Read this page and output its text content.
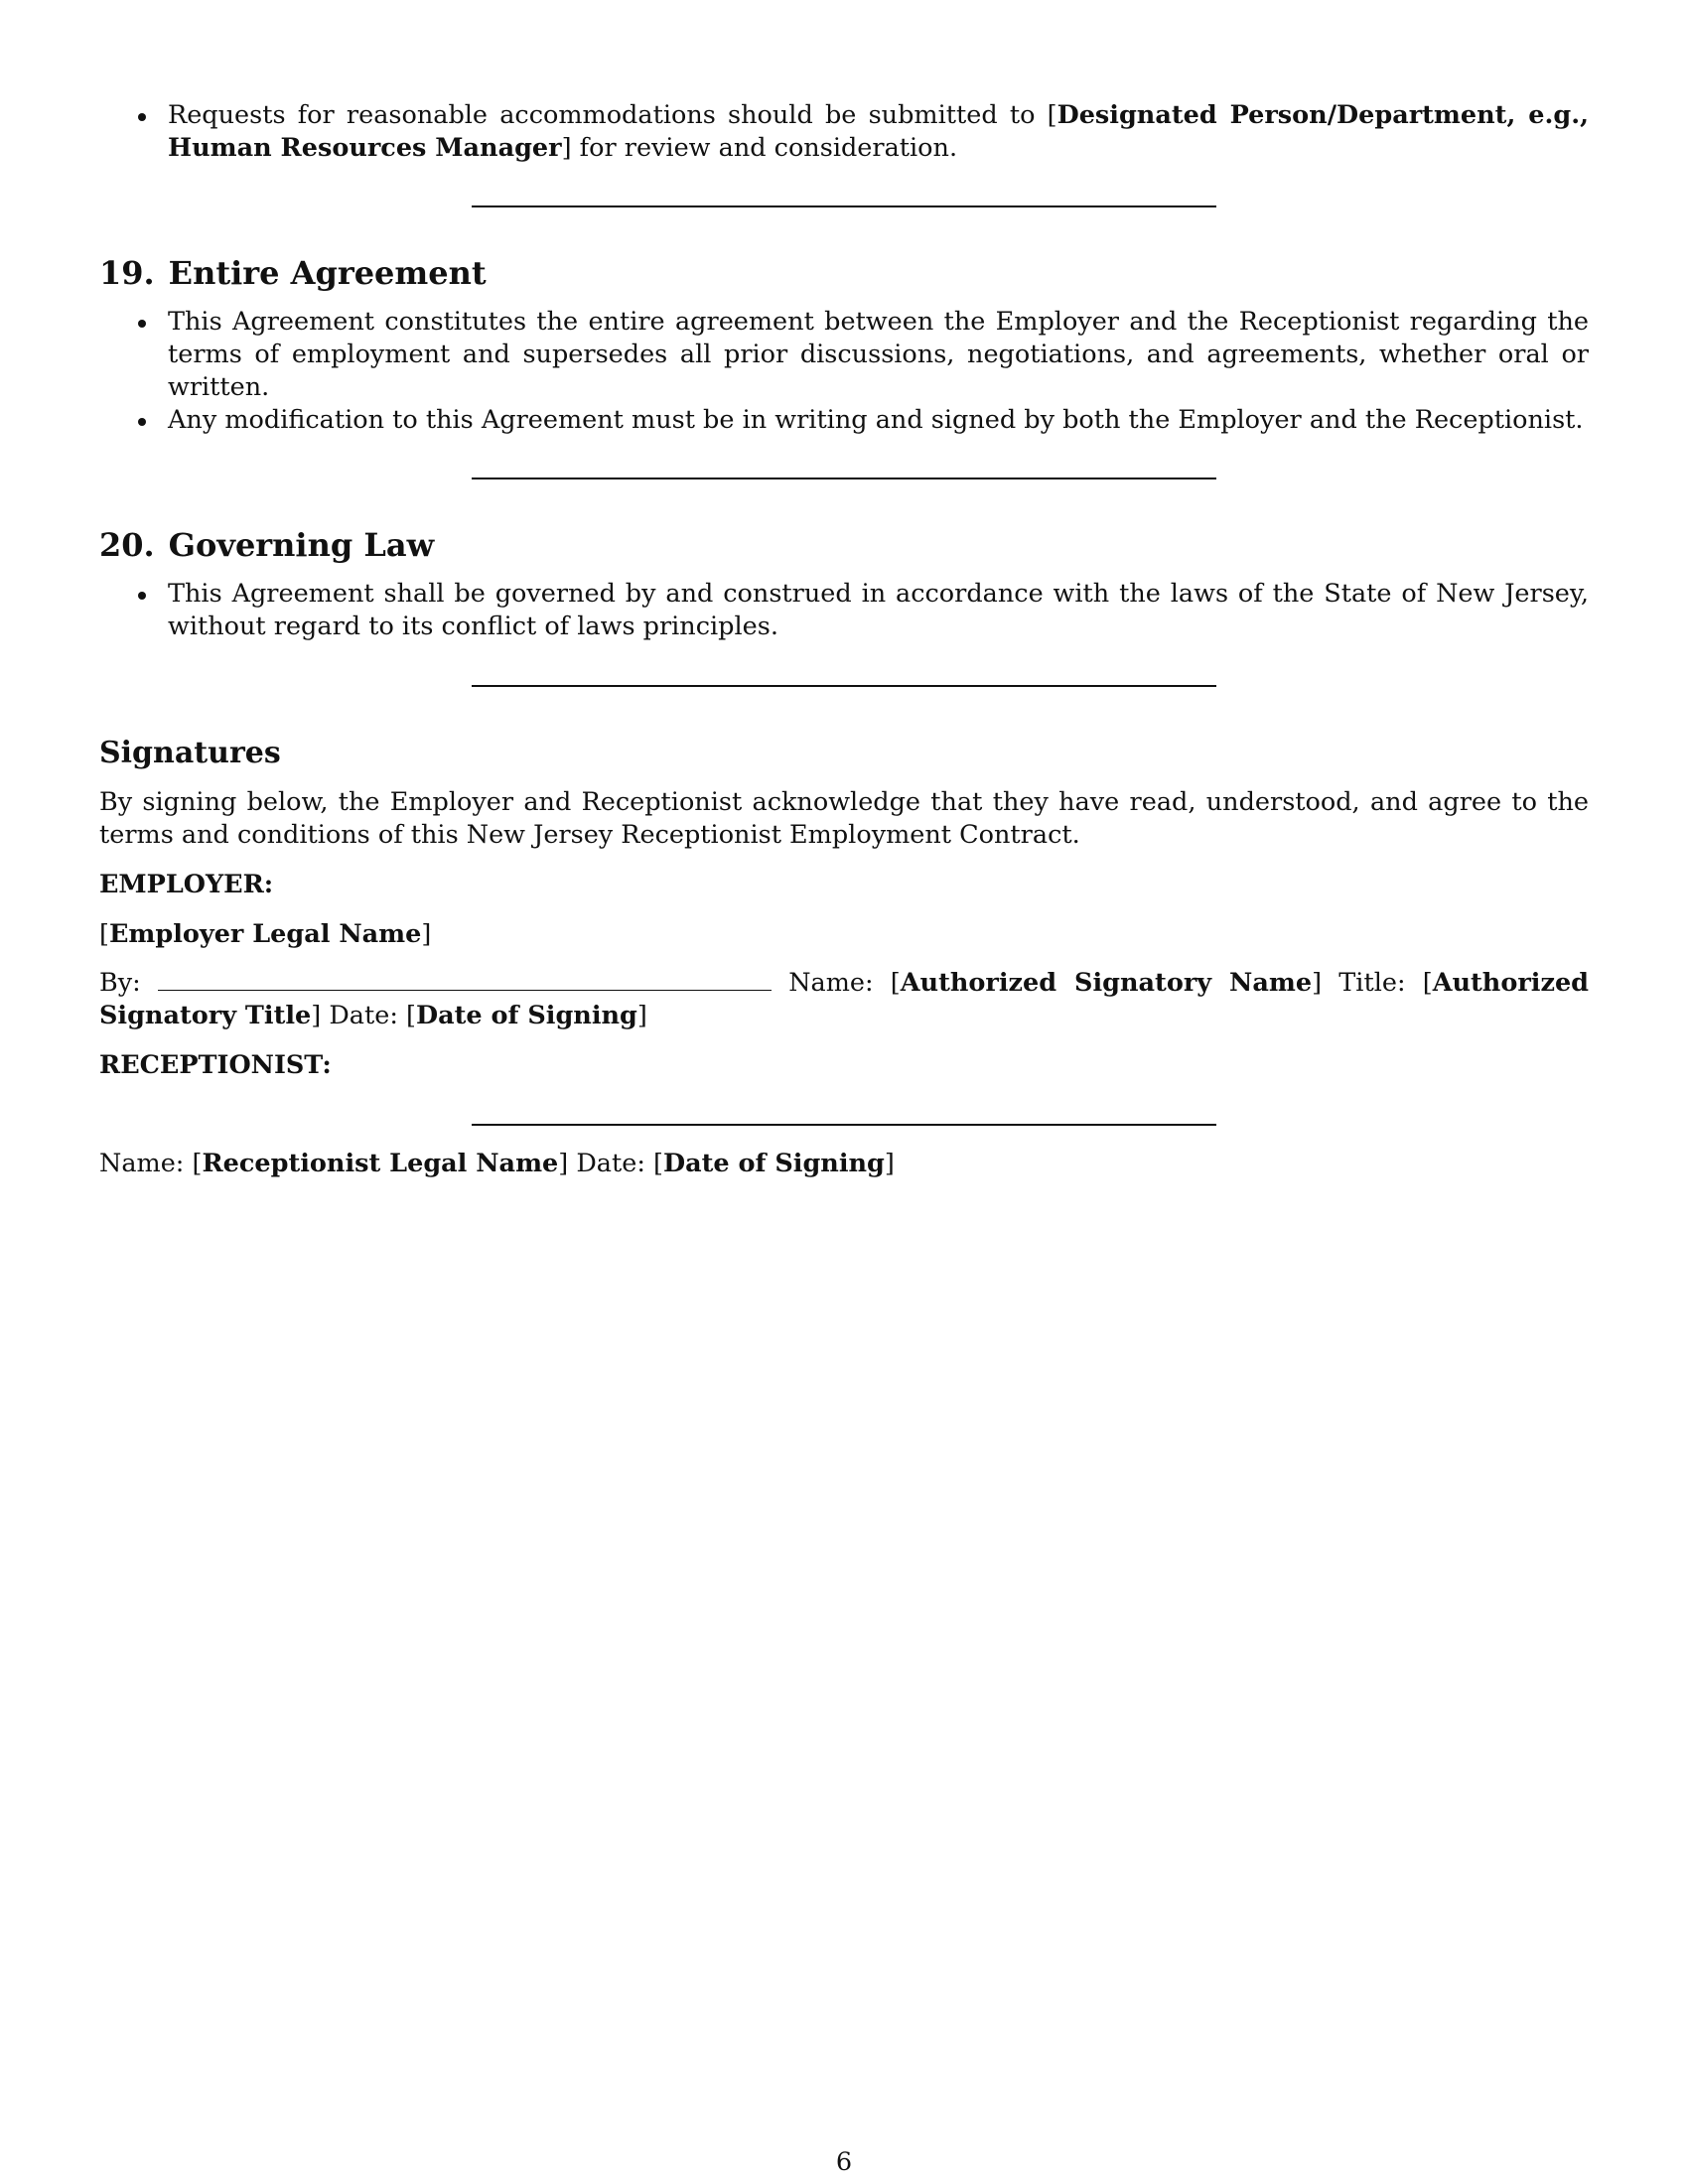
Requests for reasonable accommodations should be submitted to [Designated Person/Department, e.g., Human Resources Manager] for review and consideration.
19. Entire Agreement
This Agreement constitutes the entire agreement between the Employer and the Receptionist regarding the terms of employment and supersedes all prior discussions, negotiations, and agreements, whether oral or written.
Any modification to this Agreement must be in writing and signed by both the Employer and the Receptionist.
20. Governing Law
This Agreement shall be governed by and construed in accordance with the laws of the State of New Jersey, without regard to its conflict of laws principles.
Signatures

By signing below, the Employer and Receptionist acknowledge that they have read, understood, and agree to the terms and conditions of this New Jersey Receptionist Employment Contract.

EMPLOYER:

[Employer Legal Name]

By:	Name: [Authorized Signatory Name] Title: [Authorized Signatory Title] Date: [Date of Signing]

RECEPTIONIST:

Name: [Receptionist Legal Name] Date: [Date of Signing]

6
